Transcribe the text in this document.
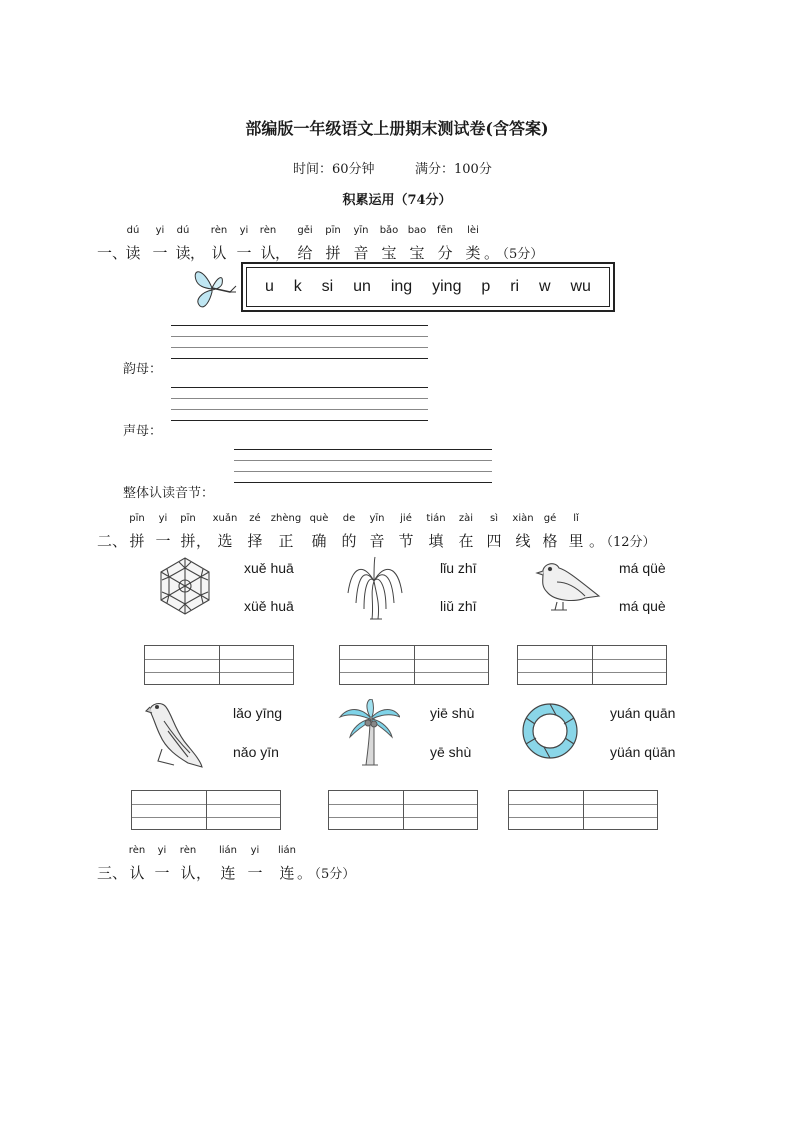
部编版一年级语文上册期末测试卷(含答案)
时间：60分钟	满分：100分
积累运用（74分）
一、
dú
读
yi
一
dú
读 ，
rèn
认
yi
一
rèn
认 ，
gěi
给
pīn
拼
yīn
音
bǎo
宝
bao
宝
fēn
分
lèi
类 。
（5分）
u k si un ing ying p ri w wu
韵母：
声母：
整体认读音节：
二、
pīn
拼
yi
一
pīn
拼 ，
xuǎn
选
zé
择
zhèng
正
què
确
de
的
yīn
音
jié
节
tián
填
zài
在
sì
四
xiàn
线
gé
格
lǐ
里 。
（12分）
xuě huā
xüě huā
lǐu zhī
liǔ zhī
má qüè
má què
lǎo yīng
nǎo yīn
yiē shù
yē shù
yuán quān
yüán qüān
三、
rèn
认
yi
一
rèn
认 ，
lián
连
yi
一
lián
连 。
（5分）
